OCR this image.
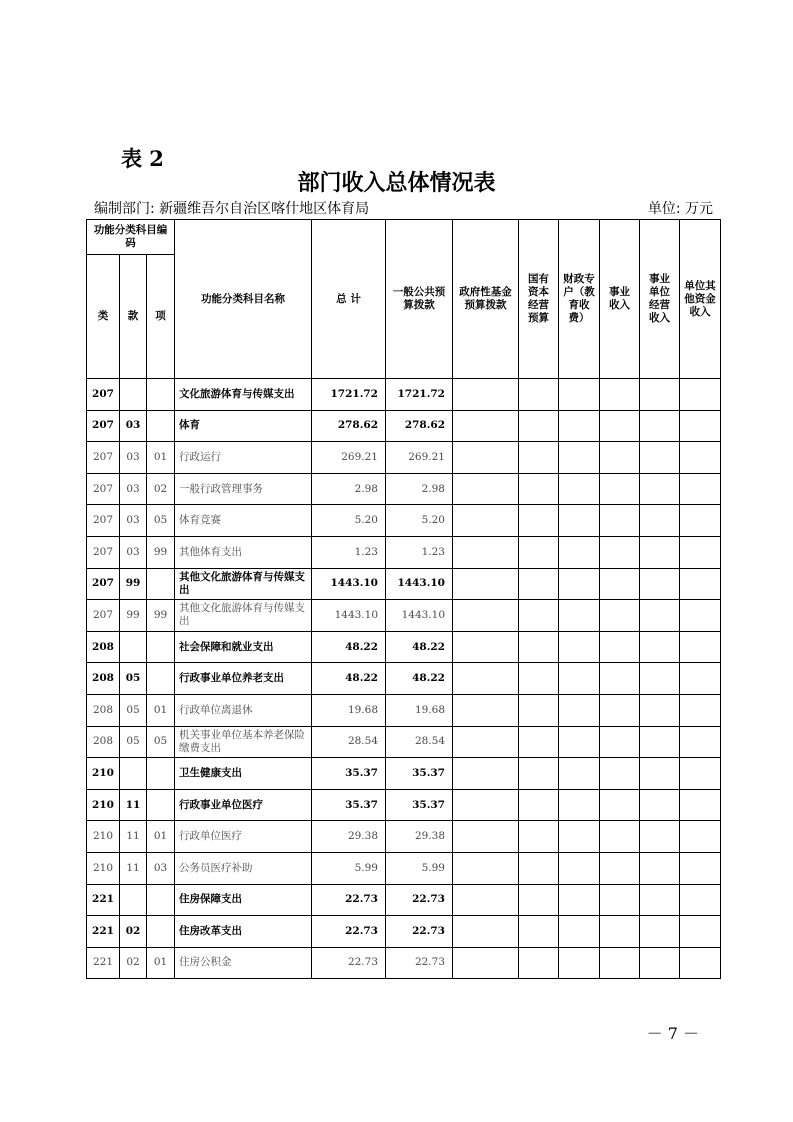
表 2
部门收入总体情况表
编制部门: 新疆维吾尔自治区喀什地区体育局	单位: 万元
功能分类科目编码			功能分类科目名称	总 计	一般公共预算拨款	政府性基金预算拨款	国有资本经营预算	财政专户（教育收费）	事业收入	事业单位经营收入	单位其他资金收入
类	款	项									
207			文化旅游体育与传媒支出	1721.72	1721.72						
207	03		体育	278.62	278.62						
207	03	01	行政运行	269.21	269.21						
207	03	02	一般行政管理事务	2.98	2.98						
207	03	05	体育竞赛	5.20	5.20						
207	03	99	其他体育支出	1.23	1.23						
207	99		其他文化旅游体育与传媒支出	1443.10	1443.10						
207	99	99	其他文化旅游体育与传媒支出	1443.10	1443.10						
208			社会保障和就业支出	48.22	48.22						
208	05		行政事业单位养老支出	48.22	48.22						
208	05	01	行政单位离退休	19.68	19.68						
208	05	05	机关事业单位基本养老保险缴费支出	28.54	28.54						
210			卫生健康支出	35.37	35.37						
210	11		行政事业单位医疗	35.37	35.37						
210	11	01	行政单位医疗	29.38	29.38						
210	11	03	公务员医疗补助	5.99	5.99						
221			住房保障支出	22.73	22.73						
221	02		住房改革支出	22.73	22.73						
221	02	01	住房公积金	22.73	22.73						
－ 7 －
